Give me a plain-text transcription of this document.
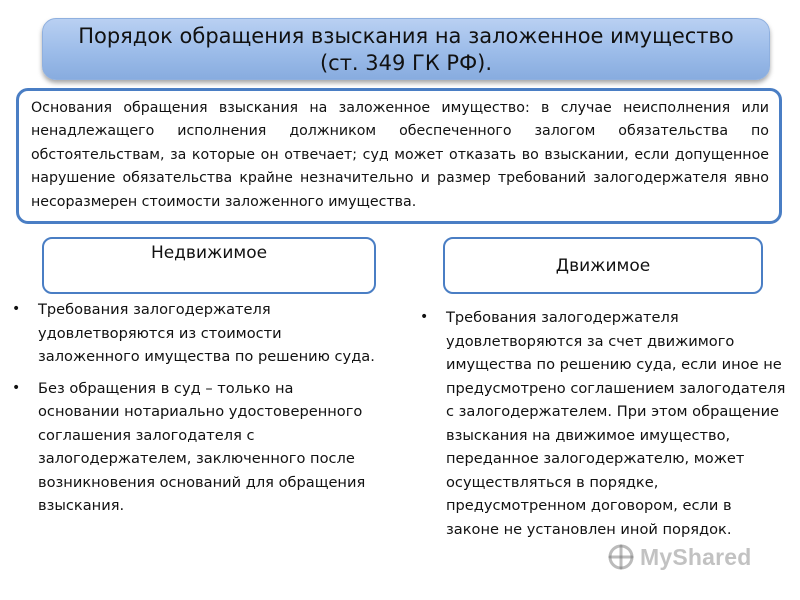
Порядок обращения взыскания на заложенное имущество
(ст. 349 ГК РФ).
Основания обращения взыскания на заложенное имущество: в случае неисполнения или ненадлежащего исполнения должником обеспеченного залогом обязательства по обстоятельствам, за которые он отвечает; суд может отказать во взыскании, если допущенное нарушение обязательства крайне незначительно и размер требований залогодержателя явно несоразмерен стоимости заложенного имущества.
Недвижимое
Движимое
• Требования залогодержателя удовлетворяются из стоимости заложенного имущества по решению суда.
• Без обращения в суд – только на основании нотариально удостоверенного соглашения залогодателя с залогодержателем, заключенного после возникновения оснований для обращения взыскания.
• Требования залогодержателя удовлетворяются за счет движимого имущества по решению суда, если иное не предусмотрено соглашением залогодателя с залогодержателем. При этом обращение взыскания на движимое имущество, переданное залогодержателю, может осуществляться в порядке, предусмотренном договором, если в законе не установлен иной порядок.
MyShared
